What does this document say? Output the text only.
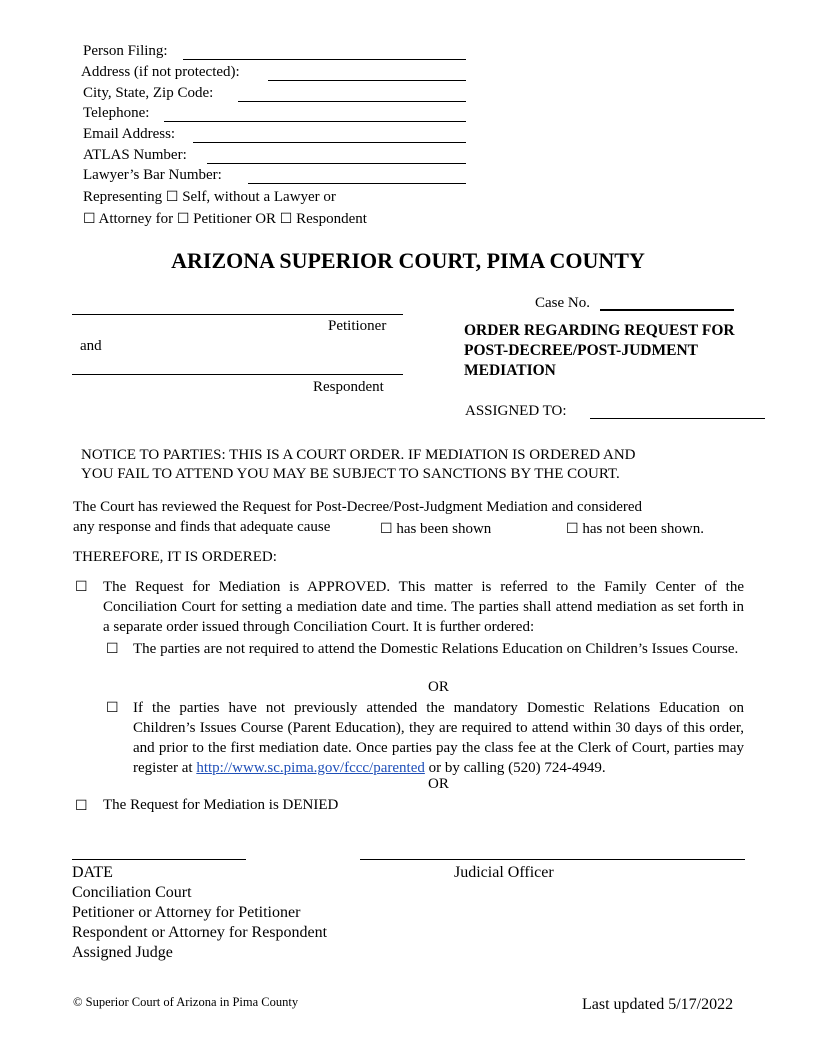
Person Filing:
Address (if not protected):
City, State, Zip Code:
Telephone:
Email Address:
ATLAS Number:
Lawyer’s Bar Number:
Representing ☐ Self, without a Lawyer or
☐ Attorney for ☐ Petitioner OR ☐ Respondent
ARIZONA SUPERIOR COURT, PIMA COUNTY
Petitioner
and
Respondent
Case No.
ORDER REGARDING REQUEST FOR
POST-DECREE/POST-JUDMENT
MEDIATION
ASSIGNED TO:
NOTICE TO PARTIES: THIS IS A COURT ORDER. IF MEDIATION IS ORDERED AND
YOU FAIL TO ATTEND YOU MAY BE SUBJECT TO SANCTIONS BY THE COURT.
The Court has reviewed the Request for Post-Decree/Post-Judgment Mediation and considered
any response and finds that adequate cause	☐ has been shown	☐ has not been shown.
THEREFORE, IT IS ORDERED:
☐ The Request for Mediation is APPROVED. This matter is referred to the Family Center of the Conciliation Court for setting a mediation date and time. The parties shall attend mediation as set forth in a separate order issued through Conciliation Court. It is further ordered:
☐ The parties are not required to attend the Domestic Relations Education on Children’s Issues Course.
OR
☐ If the parties have not previously attended the mandatory Domestic Relations Education on Children’s Issues Course (Parent Education), they are required to attend within 30 days of this order, and prior to the first mediation date. Once parties pay the class fee at the Clerk of Court, parties may register at http://www.sc.pima.gov/fccc/parented or by calling (520) 724-4949.
OR
☐ The Request for Mediation is DENIED
DATE	Judicial Officer
Conciliation Court
Petitioner or Attorney for Petitioner
Respondent or Attorney for Respondent
Assigned Judge
© Superior Court of Arizona in Pima County	Last updated 5/17/2022
